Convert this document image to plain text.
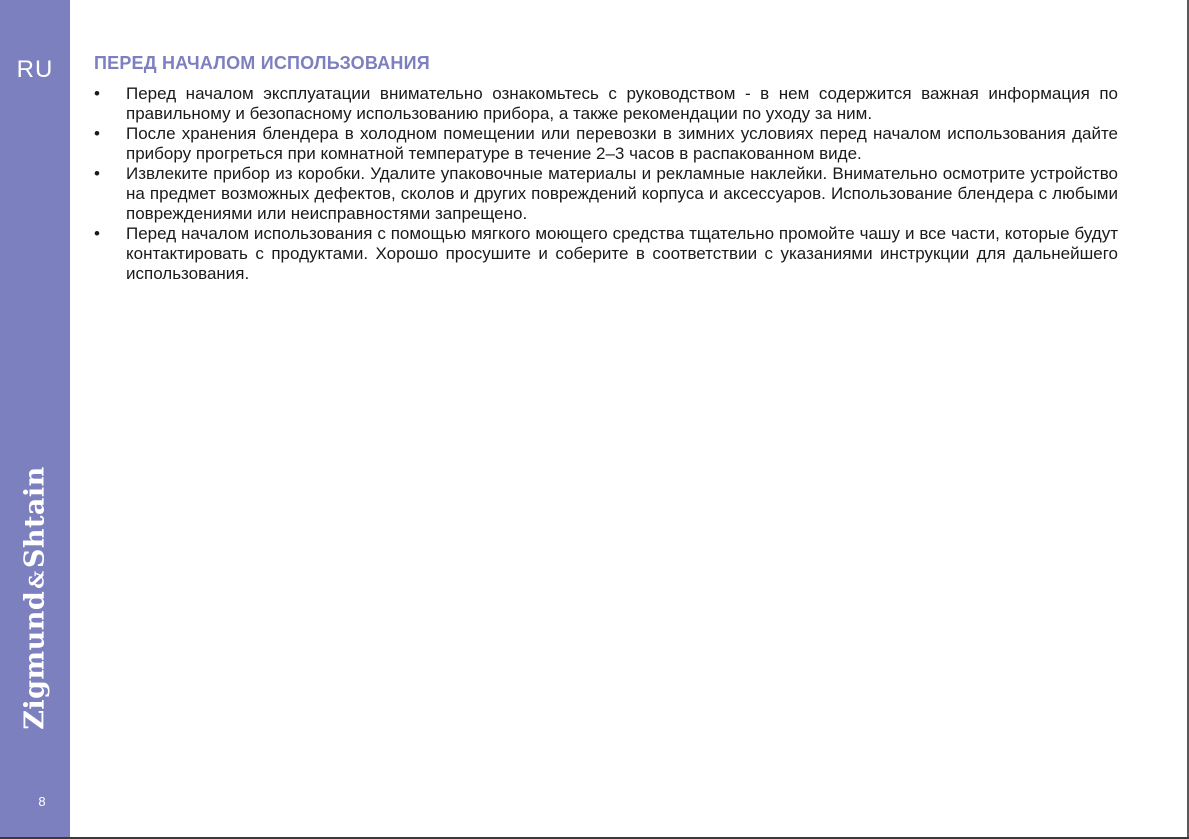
RU
Zigmund&Shtain
8
ПЕРЕД НАЧАЛОМ ИСПОЛЬЗОВАНИЯ
•	Перед началом эксплуатации внимательно ознакомьтесь с руководством - в нем содержится важная информация по правильному и безопасному использованию прибора, а также рекомендации по уходу за ним.
•	После хранения блендера в холодном помещении или перевозки в зимних условиях перед началом использования дайте прибору прогреться при комнатной температуре в течение 2–3 часов в распакованном виде.
•	Извлеките прибор из коробки. Удалите упаковочные материалы и рекламные наклейки. Внимательно осмотрите устройство на предмет возможных дефектов, сколов и других повреждений корпуса и аксессуаров. Использование блендера с любыми повреждениями или неисправностями запрещено.
•	Перед началом использования с помощью мягкого моющего средства тщательно промойте чашу и все части, которые будут контактировать с продуктами. Хорошо просушите и соберите в соответствии с указаниями инструкции для дальнейшего использования.
